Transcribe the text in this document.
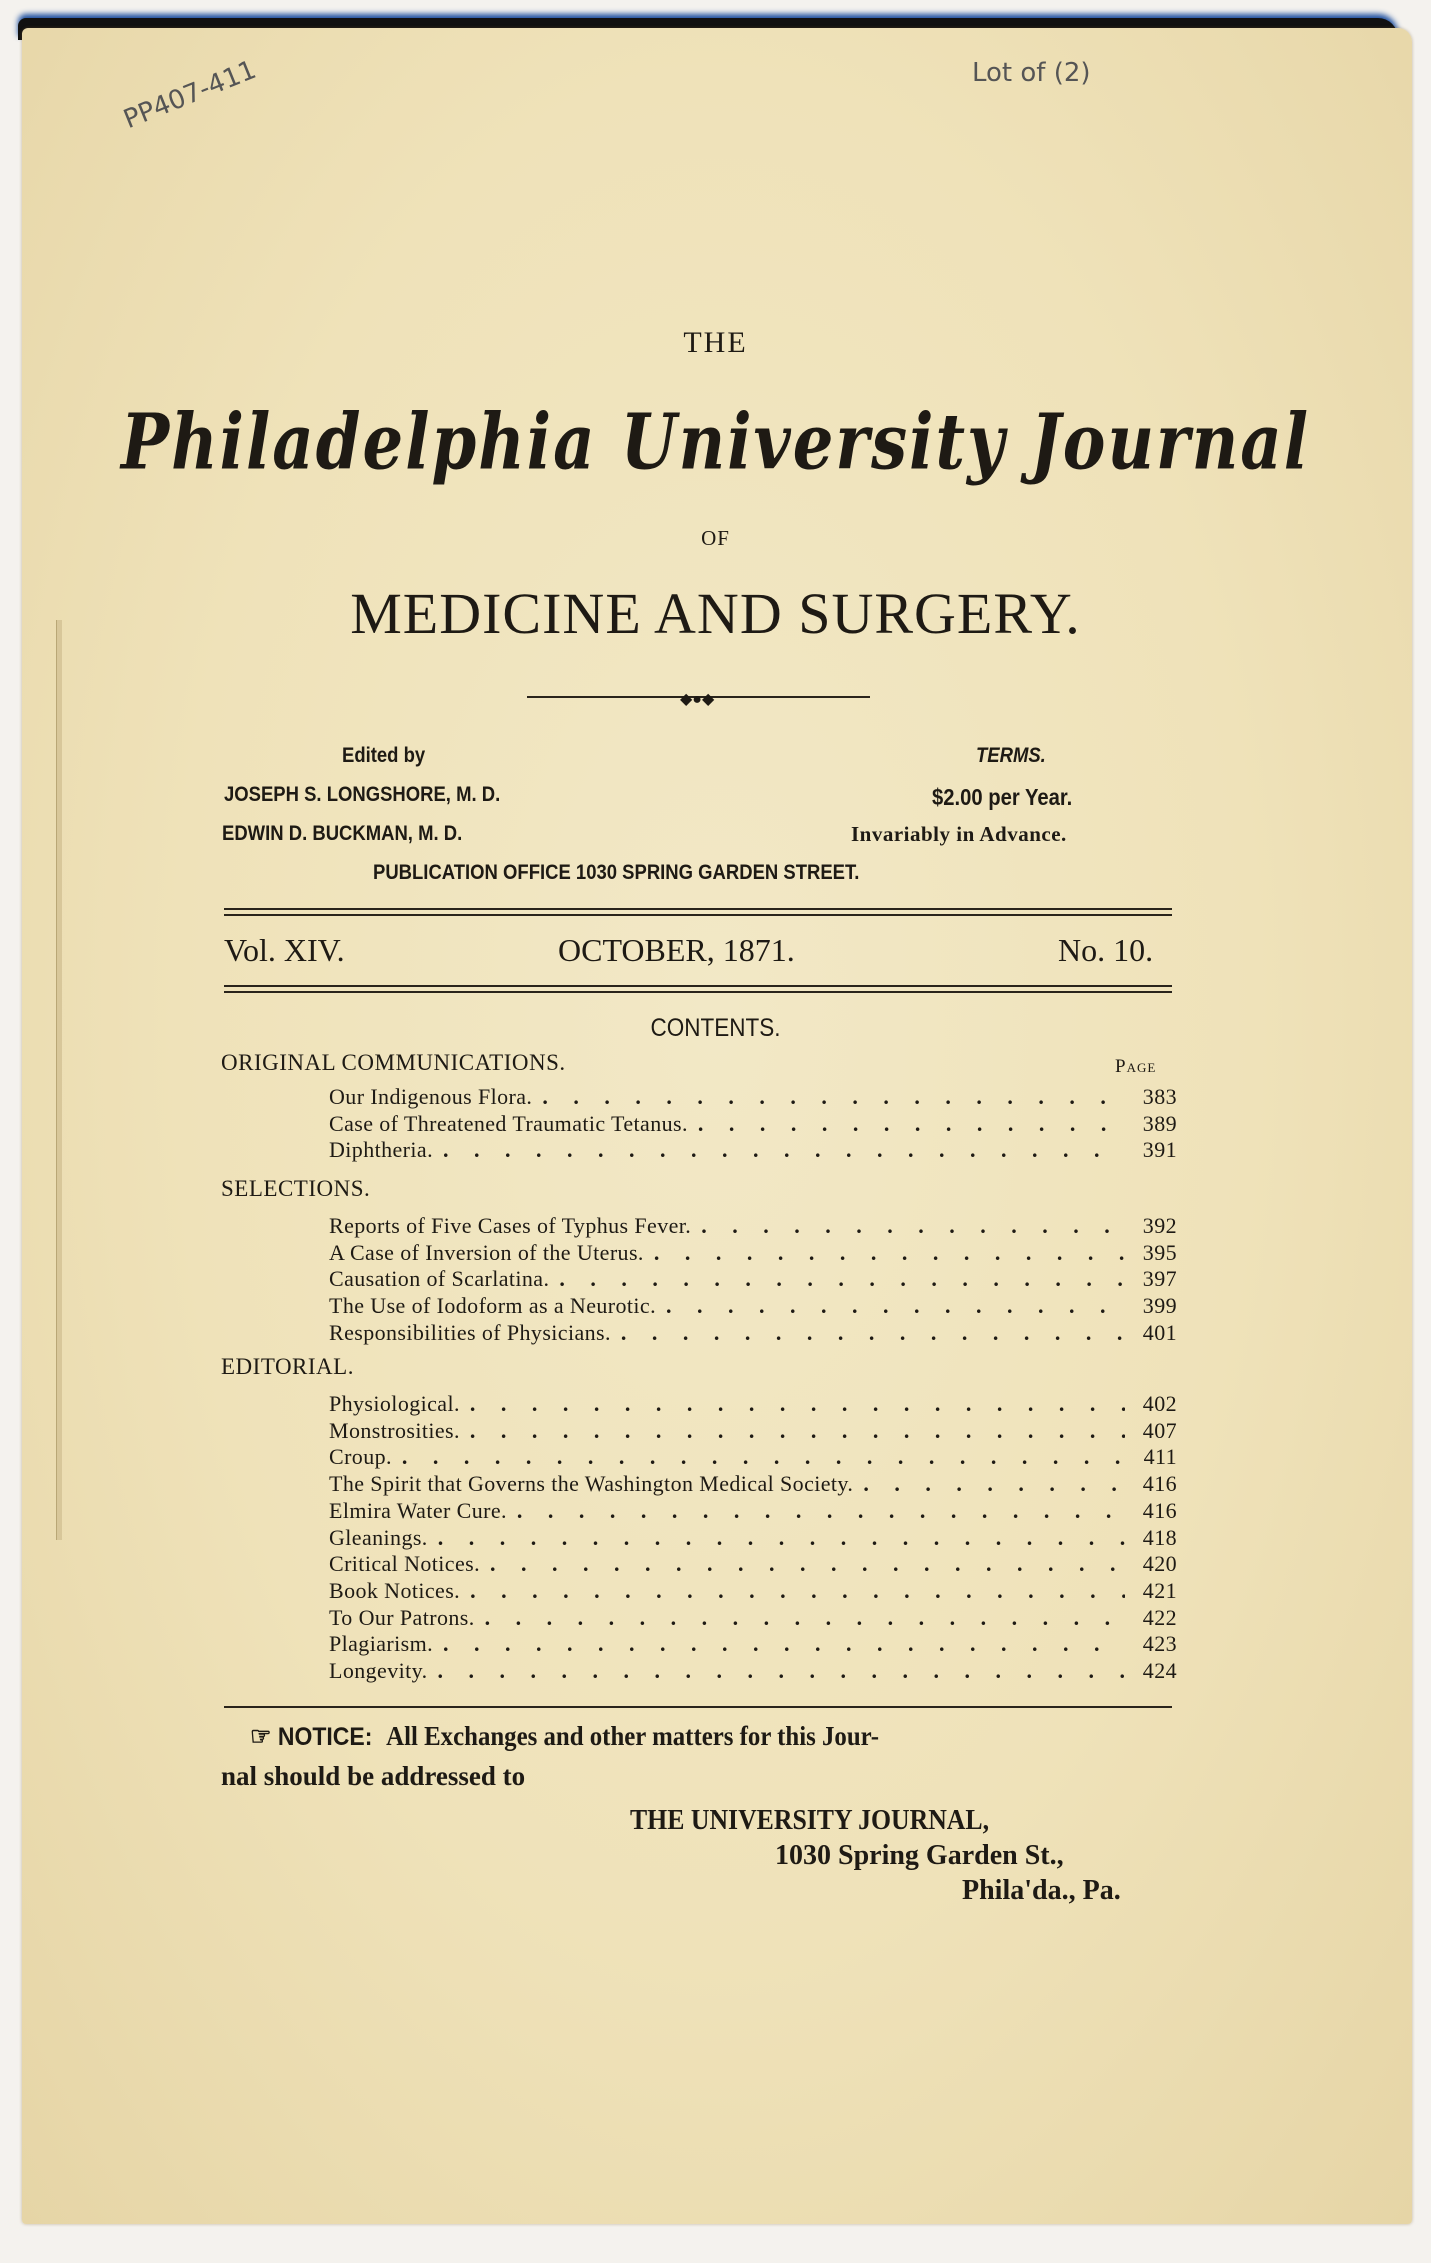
PP407-411	Lot of (2)
THE
Philadelphia University Journal
OF
MEDICINE AND SURGERY.
◆●◆
Edited by
JOSEPH S. LONGSHORE, M. D.
EDWIN D. BUCKMAN, M. D.
TERMS.
$2.00 per Year.
Invariably in Advance.
PUBLICATION OFFICE 1030 SPRING GARDEN STREET.
Vol. XIV.	OCTOBER, 1871.	No. 10.
CONTENTS.
Page
ORIGINAL COMMUNICATIONS.
Our Indigenous Flora. . . .	383
Case of Threatened Traumatic Tetanus. . . .	389
Diphtheria. . . .	391
SELECTIONS.
Reports of Five Cases of Typhus Fever. . . .	392
A Case of Inversion of the Uterus. . . .	395
Causation of Scarlatina. . . .	397
The Use of Iodoform as a Neurotic. . . .	399
Responsibilities of Physicians. . . .	401
EDITORIAL.
Physiological. . . .	402
Monstrosities. . . .	407
Croup. . . .	411
The Spirit that Governs the Washington Medical Society. . . .	416
Elmira Water Cure. . . .	416
Gleanings. . . .	418
Critical Notices. . . .	420
Book Notices. . . .	421
To Our Patrons. . . .	422
Plagiarism. . . .	423
Longevity. . . .	424
☞ NOTICE: All Exchanges and other matters for this Jour-
nal should be addressed to
THE UNIVERSITY JOURNAL,
1030 Spring Garden St.,
Phila'da., Pa.
